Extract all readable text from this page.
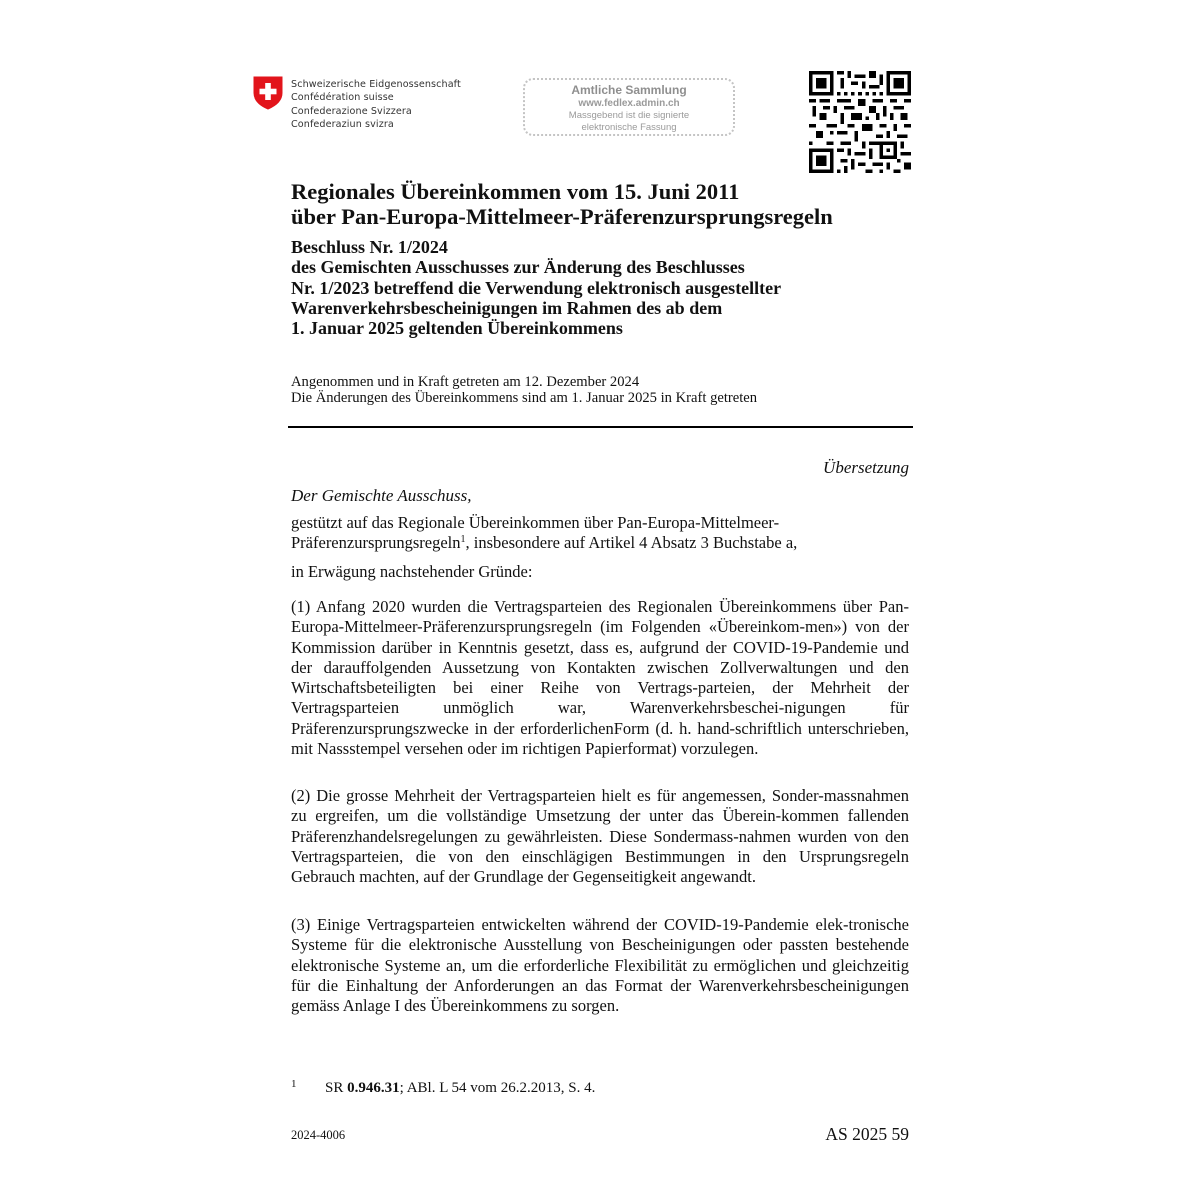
Schweizerische Eidgenossenschaft
Confédération suisse
Confederazione Svizzera
Confederaziun svizra
Amtliche Sammlung
www.fedlex.admin.ch
Massgebend ist die signierte
elektronische Fassung
Regionales Übereinkommen vom 15. Juni 2011
über Pan-Europa-Mittelmeer-Präferenzursprungsregeln
Beschluss Nr. 1/2024
des Gemischten Ausschusses zur Änderung des Beschlusses
Nr. 1/2023 betreffend die Verwendung elektronisch ausgestellter
Warenverkehrsbescheinigungen im Rahmen des ab dem
1. Januar 2025 geltenden Übereinkommens
Angenommen und in Kraft getreten am 12. Dezember 2024
Die Änderungen des Übereinkommens sind am 1. Januar 2025 in Kraft getreten
Übersetzung
Der Gemischte Ausschuss,
gestützt auf das Regionale Übereinkommen über Pan-Europa-Mittelmeer-
Präferenzursprungsregeln$^1$, insbesondere auf Artikel 4 Absatz 3 Buchstabe a,
in Erwägung nachstehender Gründe:

(1) Anfang 2020 wurden die Vertragsparteien des Regionalen Übereinkommens über Pan-Europa-Mittelmeer-Präferenzursprungsregeln (im Folgenden «Übereinkom-men») von der Kommission darüber in Kenntnis gesetzt, dass es, aufgrund der COVID-19-Pandemie und der darauffolgenden Aussetzung von Kontakten zwischen Zollverwaltungen und den Wirtschaftsbeteiligten bei einer Reihe von Vertrags-parteien, der Mehrheit der Vertragsparteien unmöglich war, Warenverkehrsbeschei-nigungen für Präferenzursprungszwecke in der erforderlichenForm (d. h. hand-schriftlich unterschrieben, mit Nassstempel versehen oder im richtigen Papierformat) vorzulegen.

(2) Die grosse Mehrheit der Vertragsparteien hielt es für angemessen, Sonder-massnahmen zu ergreifen, um die vollständige Umsetzung der unter das Überein-kommen fallenden Präferenzhandelsregelungen zu gewährleisten. Diese Sondermass-nahmen wurden von den Vertragsparteien, die von den einschlägigen Bestimmungen in den Ursprungsregeln Gebrauch machten, auf der Grundlage der Gegenseitigkeit angewandt.

(3) Einige Vertragsparteien entwickelten während der COVID-19-Pandemie elek-tronische Systeme für die elektronische Ausstellung von Bescheinigungen oder passten bestehende elektronische Systeme an, um die erforderliche Flexibilität zu ermöglichen und gleichzeitig für die Einhaltung der Anforderungen an das Format der Warenverkehrsbescheinigungen gemäss Anlage I des Übereinkommens zu sorgen.

1 SR 0.946.31; ABl. L 54 vom 26.2.2013, S. 4.
2024-4006	AS 2025 59
